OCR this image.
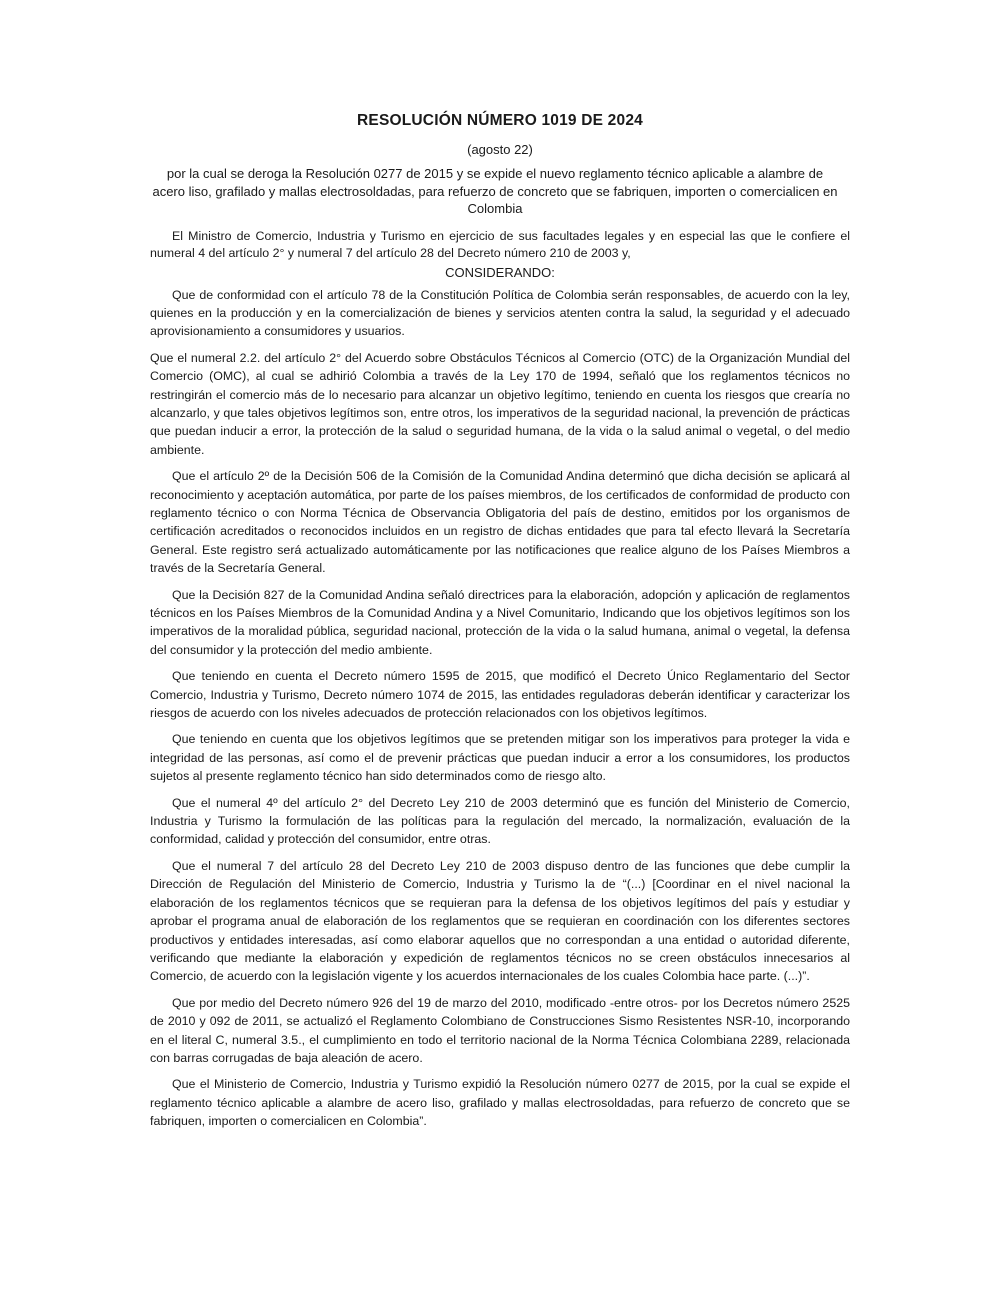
RESOLUCIÓN NÚMERO 1019 DE 2024
(agosto 22)
por la cual se deroga la Resolución 0277 de 2015 y se expide el nuevo reglamento técnico aplicable a alambre de acero liso, grafilado y mallas electrosoldadas, para refuerzo de concreto que se fabriquen, importen o comercialicen en Colombia
El Ministro de Comercio, Industria y Turismo en ejercicio de sus facultades legales y en especial las que le confiere el numeral 4 del artículo 2° y numeral 7 del artículo 28 del Decreto número 210 de 2003 y,
CONSIDERANDO:

Que de conformidad con el artículo 78 de la Constitución Política de Colombia serán responsables, de acuerdo con la ley, quienes en la producción y en la comercialización de bienes y servicios atenten contra la salud, la seguridad y el adecuado aprovisionamiento a consumidores y usuarios.

Que el numeral 2.2. del artículo 2° del Acuerdo sobre Obstáculos Técnicos al Comercio (OTC) de la Organización Mundial del Comercio (OMC), al cual se adhirió Colombia a través de la Ley 170 de 1994, señaló que los reglamentos técnicos no restringirán el comercio más de lo necesario para alcanzar un objetivo legítimo, teniendo en cuenta los riesgos que crearía no alcanzarlo, y que tales objetivos legítimos son, entre otros, los imperativos de la seguridad nacional, la prevención de prácticas que puedan inducir a error, la protección de la salud o seguridad humana, de la vida o la salud animal o vegetal, o del medio ambiente.

Que el artículo 2º de la Decisión 506 de la Comisión de la Comunidad Andina determinó que dicha decisión se aplicará al reconocimiento y aceptación automática, por parte de los países miembros, de los certificados de conformidad de producto con reglamento técnico o con Norma Técnica de Observancia Obligatoria del país de destino, emitidos por los organismos de certificación acreditados o reconocidos incluidos en un registro de dichas entidades que para tal efecto llevará la Secretaría General. Este registro será actualizado automáticamente por las notificaciones que realice alguno de los Países Miembros a través de la Secretaría General.

Que la Decisión 827 de la Comunidad Andina señaló directrices para la elaboración, adopción y aplicación de reglamentos técnicos en los Países Miembros de la Comunidad Andina y a Nivel Comunitario, Indicando que los objetivos legítimos son los imperativos de la moralidad pública, seguridad nacional, protección de la vida o la salud humana, animal o vegetal, la defensa del consumidor y la protección del medio ambiente.

Que teniendo en cuenta el Decreto número 1595 de 2015, que modificó el Decreto Único Reglamentario del Sector Comercio, Industria y Turismo, Decreto número 1074 de 2015, las entidades reguladoras deberán identificar y caracterizar los riesgos de acuerdo con los niveles adecuados de protección relacionados con los objetivos legítimos.

Que teniendo en cuenta que los objetivos legítimos que se pretenden mitigar son los imperativos para proteger la vida e integridad de las personas, así como el de prevenir prácticas que puedan inducir a error a los consumidores, los productos sujetos al presente reglamento técnico han sido determinados como de riesgo alto.

Que el numeral 4º del artículo 2° del Decreto Ley 210 de 2003 determinó que es función del Ministerio de Comercio, Industria y Turismo la formulación de las políticas para la regulación del mercado, la normalización, evaluación de la conformidad, calidad y protección del consumidor, entre otras.

Que el numeral 7 del artículo 28 del Decreto Ley 210 de 2003 dispuso dentro de las funciones que debe cumplir la Dirección de Regulación del Ministerio de Comercio, Industria y Turismo la de “(...) [Coordinar en el nivel nacional la elaboración de los reglamentos técnicos que se requieran para la defensa de los objetivos legítimos del país y estudiar y aprobar el programa anual de elaboración de los reglamentos que se requieran en coordinación con los diferentes sectores productivos y entidades interesadas, así como elaborar aquellos que no correspondan a una entidad o autoridad diferente, verificando que mediante la elaboración y expedición de reglamentos técnicos no se creen obstáculos innecesarios al Comercio, de acuerdo con la legislación vigente y los acuerdos internacionales de los cuales Colombia hace parte. (...)”.

Que por medio del Decreto número 926 del 19 de marzo del 2010, modificado -entre otros- por los Decretos número 2525 de 2010 y 092 de 2011, se actualizó el Reglamento Colombiano de Construcciones Sismo Resistentes NSR-10, incorporando en el literal C, numeral 3.5., el cumplimiento en todo el territorio nacional de la Norma Técnica Colombiana 2289, relacionada con barras corrugadas de baja aleación de acero.

Que el Ministerio de Comercio, Industria y Turismo expidió la Resolución número 0277 de 2015, por la cual se expide el reglamento técnico aplicable a alambre de acero liso, grafilado y mallas electrosoldadas, para refuerzo de concreto que se fabriquen, importen o comercialicen en Colombia”.
